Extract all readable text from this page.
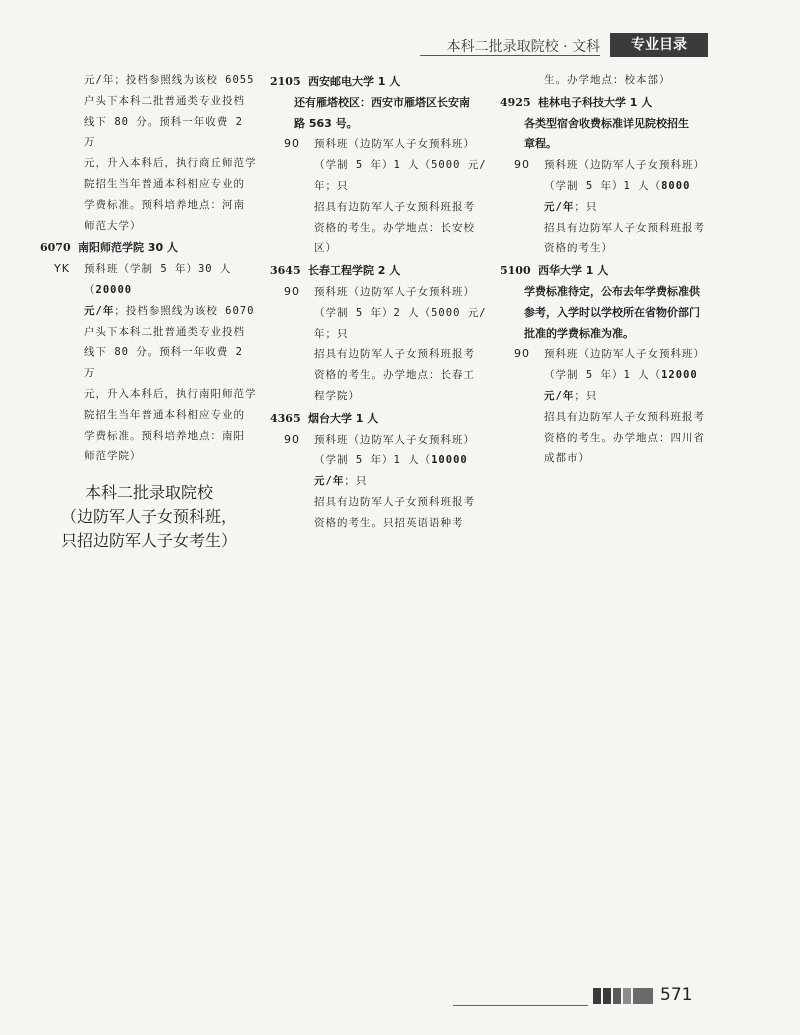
本科二批录取院校 · 文科	专业目录
元/年；投档参照线为该校 6055
户头下本科二批普通类专业投档
线下 80 分。预科一年收费 2 万
元，升入本科后，执行商丘师范学
院招生当年普通本科相应专业的
学费标准。预科培养地点：河南
师范大学）
6070 南阳师范学院 30 人
YK 预科班（学制 5 年）30 人（20000
元/年；投档参照线为该校 6070
户头下本科二批普通类专业投档
线下 80 分。预科一年收费 2 万
元，升入本科后，执行南阳师范学
院招生当年普通本科相应专业的
学费标准。预科培养地点：南阳
师范学院）
本科二批录取院校
（边防军人子女预科班，
只招边防军人子女考生）
2105 西安邮电大学 1 人
还有雁塔校区：西安市雁塔区长安南
路 563 号。
90 预科班（边防军人子女预科班）
（学制 5 年）1 人（5000 元/年；只
招具有边防军人子女预科班报考
资格的考生。办学地点：长安校
区）
3645 长春工程学院 2 人
90 预科班（边防军人子女预科班）
（学制 5 年）2 人（5000 元/年；只
招具有边防军人子女预科班报考
资格的考生。办学地点：长春工
程学院）
4365 烟台大学 1 人
90 预科班（边防军人子女预科班）
（学制 5 年）1 人（10000 元/年；只
招具有边防军人子女预科班报考
资格的考生。只招英语语种考
生。办学地点：校本部）
4925 桂林电子科技大学 1 人
各类型宿舍收费标准详见院校招生
章程。
90 预科班（边防军人子女预科班）
（学制 5 年）1 人（8000 元/年；只
招具有边防军人子女预科班报考
资格的考生）
5100 西华大学 1 人
学费标准待定，公布去年学费标准供
参考，入学时以学校所在省物价部门
批准的学费标准为准。
90 预科班（边防军人子女预科班）
（学制 5 年）1 人（12000 元/年；只
招具有边防军人子女预科班报考
资格的考生。办学地点：四川省
成都市）
571
